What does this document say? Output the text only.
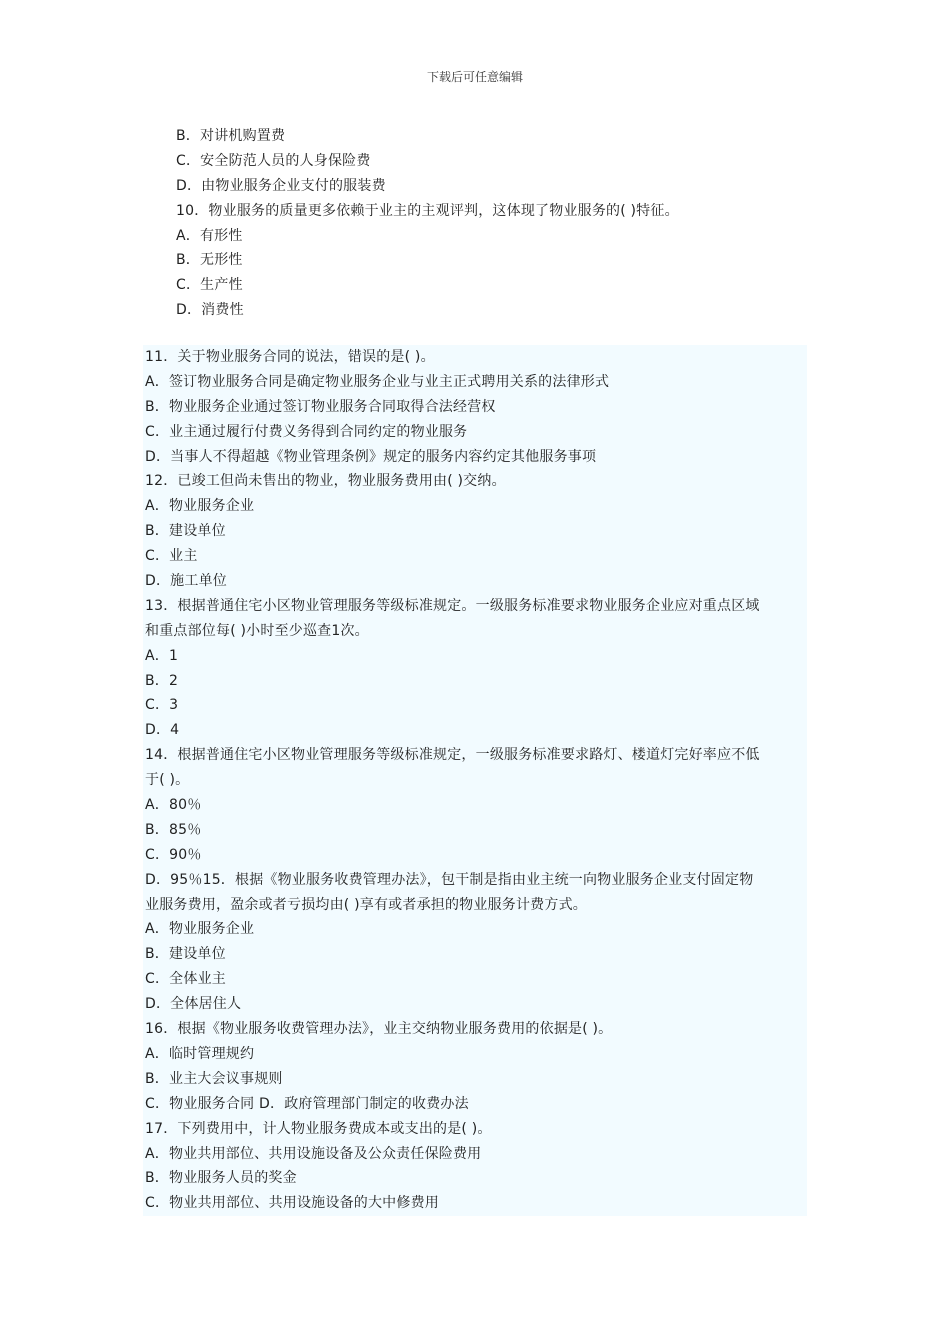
下载后可任意编辑
B．对讲机购置费
C．安全防范人员的人身保险费
D．由物业服务企业支付的服装费
10．物业服务的质量更多依赖于业主的主观评判，这体现了物业服务的( )特征。
A．有形性
B．无形性
C．生产性
D．消费性
11．关于物业服务合同的说法，错误的是( )。
A．签订物业服务合同是确定物业服务企业与业主正式聘用关系的法律形式
B．物业服务企业通过签订物业服务合同取得合法经营权
C．业主通过履行付费义务得到合同约定的物业服务
D．当事人不得超越《物业管理条例》规定的服务内容约定其他服务事项
12．已竣工但尚未售出的物业，物业服务费用由( )交纳。
A．物业服务企业
B．建设单位
C．业主
D．施工单位
13．根据普通住宅小区物业管理服务等级标准规定。一级服务标准要求物业服务企业应对重点区域
和重点部位每( )小时至少巡查1次。
A．1
B．2
C．3
D．4
14．根据普通住宅小区物业管理服务等级标准规定，一级服务标准要求路灯、楼道灯完好率应不低
于( )。
A．80％
B．85％
C．90％
D．95％15．根据《物业服务收费管理办法》，包干制是指由业主统一向物业服务企业支付固定物
业服务费用，盈余或者亏损均由( )享有或者承担的物业服务计费方式。
A．物业服务企业
B．建设单位
C．全体业主
D．全体居住人
16．根据《物业服务收费管理办法》，业主交纳物业服务费用的依据是( )。
A．临时管理规约
B．业主大会议事规则
C．物业服务合同 D．政府管理部门制定的收费办法
17．下列费用中，计人物业服务费成本或支出的是( )。
A．物业共用部位、共用设施设备及公众责任保险费用
B．物业服务人员的奖金
C．物业共用部位、共用设施设备的大中修费用
